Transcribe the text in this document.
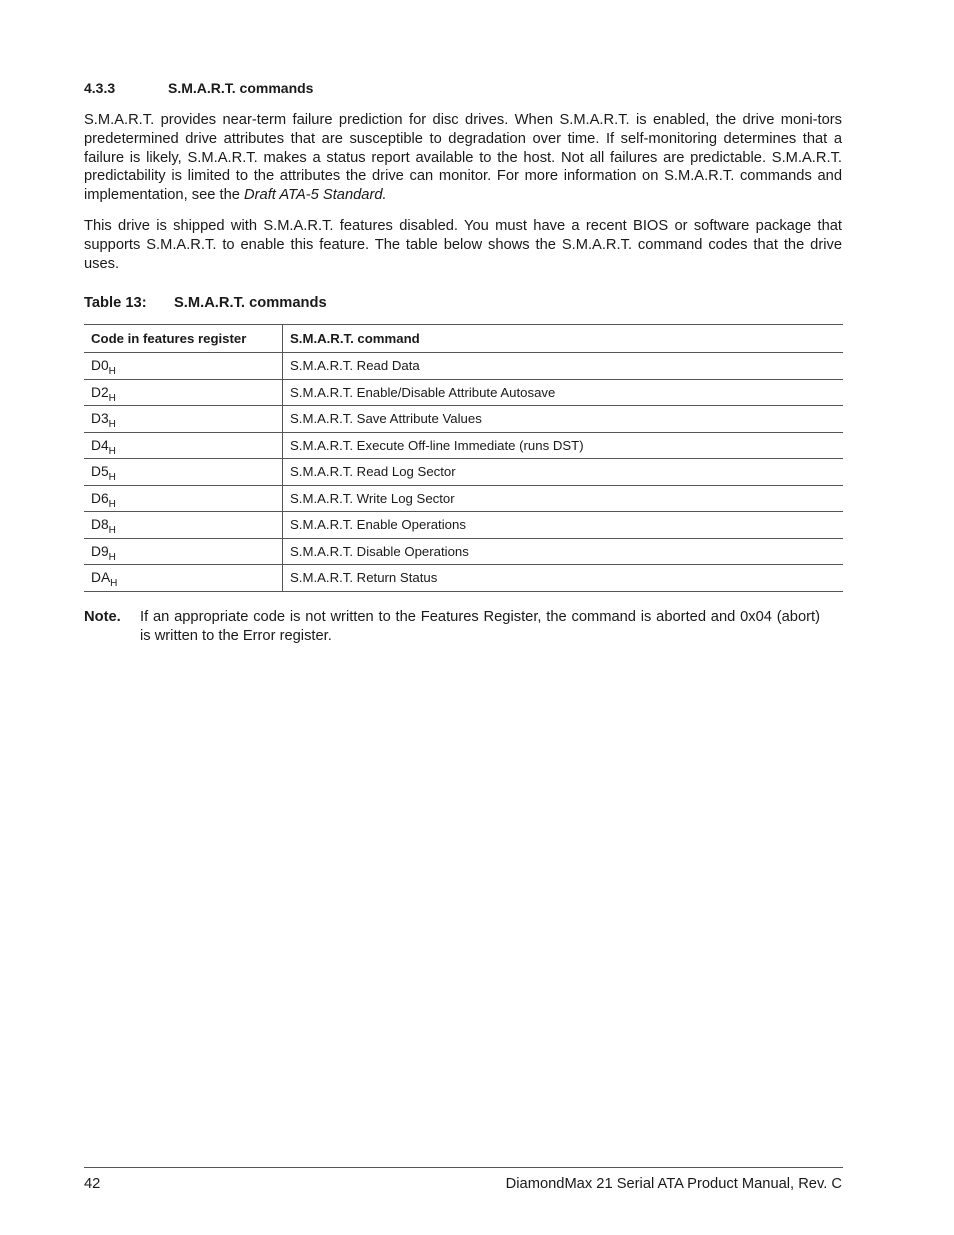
4.3.3	S.M.A.R.T. commands

S.M.A.R.T. provides near-term failure prediction for disc drives. When S.M.A.R.T. is enabled, the drive moni-tors predetermined drive attributes that are susceptible to degradation over time. If self-monitoring determines that a failure is likely, S.M.A.R.T. makes a status report available to the host. Not all failures are predictable. S.M.A.R.T. predictability is limited to the attributes the drive can monitor. For more information on S.M.A.R.T. commands and implementation, see the Draft ATA-5 Standard.

This drive is shipped with S.M.A.R.T. features disabled. You must have a recent BIOS or software package that supports S.M.A.R.T. to enable this feature. The table below shows the S.M.A.R.T. command codes that the drive uses.

Table 13: S.M.A.R.T. commands
Code in features register	S.M.A.R.T. command
$D0_H$	S.M.A.R.T. Read Data
$D2_H$	S.M.A.R.T. Enable/Disable Attribute Autosave
$D3_H$	S.M.A.R.T. Save Attribute Values
$D4_H$	S.M.A.R.T. Execute Off-line Immediate (runs DST)
$D5_H$	S.M.A.R.T. Read Log Sector
$D6_H$	S.M.A.R.T. Write Log Sector
$D8_H$	S.M.A.R.T. Enable Operations
$D9_H$	S.M.A.R.T. Disable Operations
$DA_H$	S.M.A.R.T. Return Status
Note. If an appropriate code is not written to the Features Register, the command is aborted and 0x04 (abort) is written to the Error register.
42	DiamondMax 21 Serial ATA Product Manual, Rev. C
